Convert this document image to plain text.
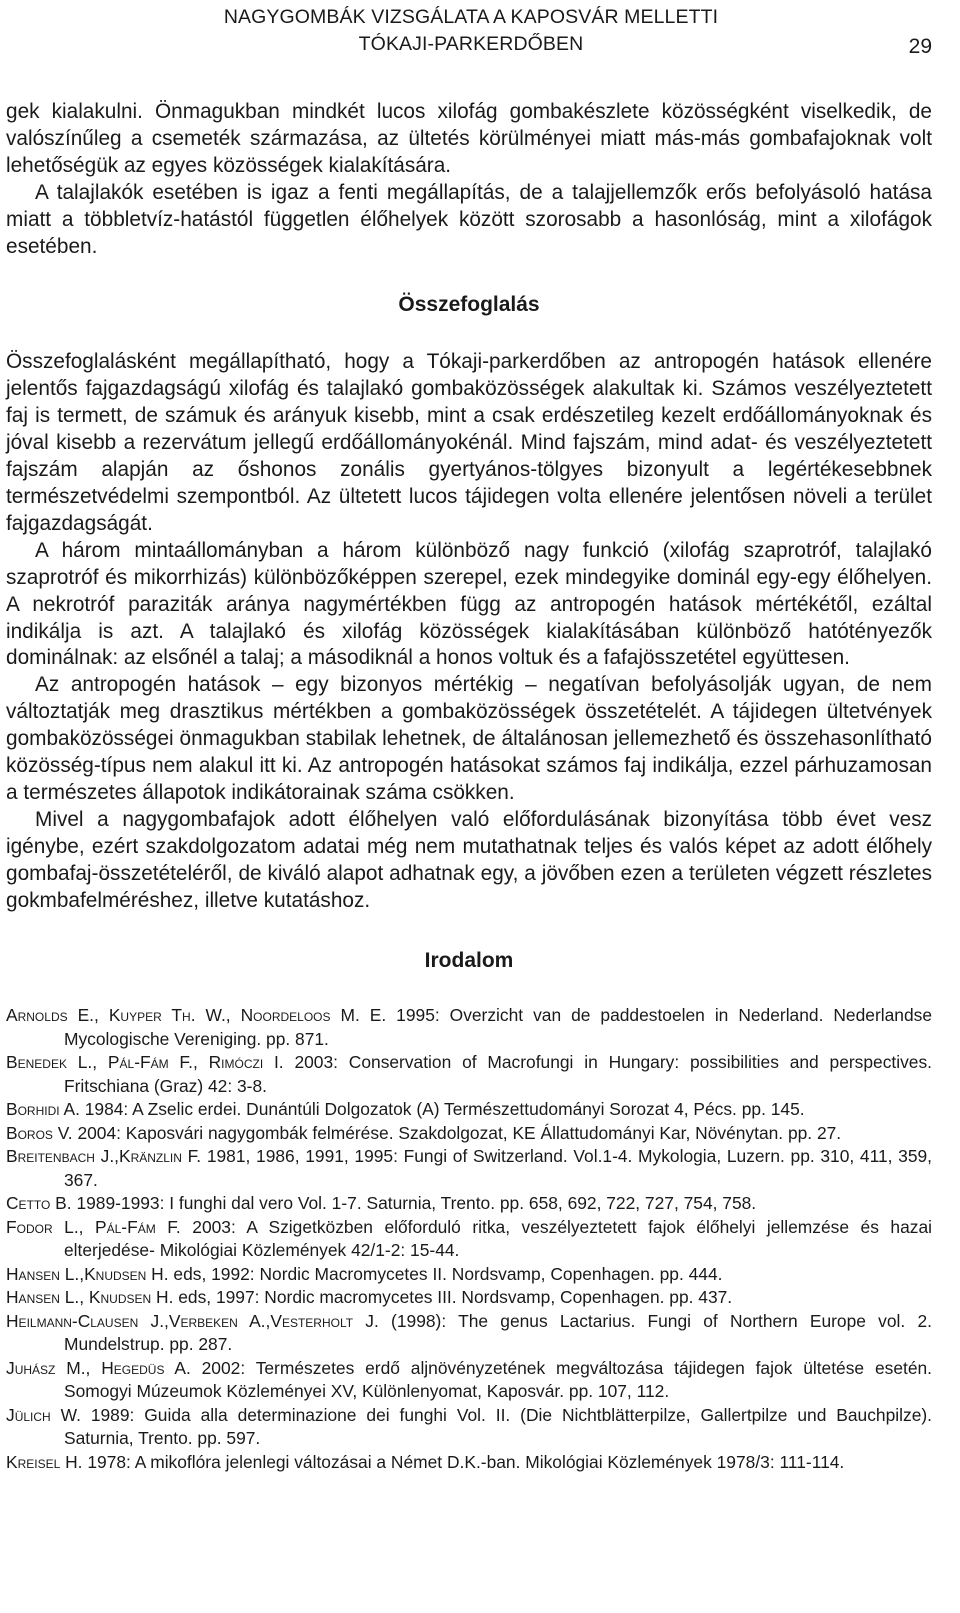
NAGYGOMBÁK VIZSGÁLATA A KAPOSVÁR MELLETTI
TÓKAJI-PARKERDŐBEN	29

gek kialakulni. Önmagukban mindkét lucos xilofág gombakészlete közösségként viselkedik, de valószínűleg a csemeték származása, az ültetés körülményei miatt más-más gombafajoknak volt lehetőségük az egyes közösségek kialakítására.

A talajlakók esetében is igaz a fenti megállapítás, de a talajjellemzők erős befolyásoló hatása miatt a többletvíz-hatástól független élőhelyek között szorosabb a hasonlóság, mint a xilofágok esetében.

Összefoglalás

Összefoglalásként megállapítható, hogy a Tókaji-parkerdőben az antropogén hatások ellenére jelentős fajgazdagságú xilofág és talajlakó gombaközösségek alakultak ki. Számos veszélyeztetett faj is termett, de számuk és arányuk kisebb, mint a csak erdészetileg kezelt erdőállományoknak és jóval kisebb a rezervátum jellegű erdőállományokénál. Mind fajszám, mind adat- és veszélyeztetett fajszám alapján az őshonos zonális gyertyános-tölgyes bizonyult a legértékesebbnek természetvédelmi szempontból. Az ültetett lucos tájidegen volta ellenére jelentősen növeli a terület fajgazdagságát.

A három mintaállományban a három különböző nagy funkció (xilofág szaprotróf, talajlakó szaprotróf és mikorrhizás) különbözőképpen szerepel, ezek mindegyike dominál egy-egy élőhelyen. A nekrotróf paraziták aránya nagymértékben függ az antropogén hatások mértékétől, ezáltal indikálja is azt. A talajlakó és xilofág közösségek kialakításában különböző hatótényezők dominálnak: az elsőnél a talaj; a másodiknál a honos voltuk és a fafajösszetétel együttesen.

Az antropogén hatások – egy bizonyos mértékig – negatívan befolyásolják ugyan, de nem változtatják meg drasztikus mértékben a gombaközösségek összetételét. A tájidegen ültetvények gombaközösségei önmagukban stabilak lehetnek, de általánosan jellemezhető és összehasonlítható közösség-típus nem alakul itt ki. Az antropogén hatásokat számos faj indikálja, ezzel párhuzamosan a természetes állapotok indikátorainak száma csökken.

Mivel a nagygombafajok adott élőhelyen való előfordulásának bizonyítása több évet vesz igénybe, ezért szakdolgozatom adatai még nem mutathatnak teljes és valós képet az adott élőhely gombafaj-összetételéről, de kiváló alapot adhatnak egy, a jövőben ezen a területen végzett részletes gokmbafelméréshez, illetve kutatáshoz.

Irodalom

Arnolds E., Kuyper Th. W., Noordeloos M. E. 1995: Overzicht van de paddestoelen in Nederland. Nederlandse Mycologische Vereniging. pp. 871.

Benedek L., Pál-Fám F., Rimóczi I. 2003: Conservation of Macrofungi in Hungary: possibilities and perspectives. Fritschiana (Graz) 42: 3-8.

Borhidi A. 1984: A Zselic erdei. Dunántúli Dolgozatok (A) Természettudományi Sorozat 4, Pécs. pp. 145.

Boros V. 2004: Kaposvári nagygombák felmérése. Szakdolgozat, KE Állattudományi Kar, Növénytan. pp. 27.

Breitenbach J.,Kränzlin F. 1981, 1986, 1991, 1995: Fungi of Switzerland. Vol.1-4. Mykologia, Luzern. pp. 310, 411, 359, 367.

Cetto B. 1989-1993: I funghi dal vero Vol. 1-7. Saturnia, Trento. pp. 658, 692, 722, 727, 754, 758.

Fodor L., Pál-Fám F. 2003: A Szigetközben előforduló ritka, veszélyeztetett fajok élőhelyi jellemzése és hazai elterjedése- Mikológiai Közlemények 42/1-2: 15-44.

Hansen L.,Knudsen H. eds, 1992: Nordic Macromycetes II. Nordsvamp, Copenhagen. pp. 444.

Hansen L., Knudsen H. eds, 1997: Nordic macromycetes III. Nordsvamp, Copenhagen. pp. 437.

Heilmann-Clausen J.,Verbeken A.,Vesterholt J. (1998): The genus Lactarius. Fungi of Northern Europe vol. 2. Mundelstrup. pp. 287.

Juhász M., Hegedüs A. 2002: Természetes erdő aljnövényzetének megváltozása tájidegen fajok ültetése esetén. Somogyi Múzeumok Közleményei XV, Különlenyomat, Kaposvár. pp. 107, 112.

Jülich W. 1989: Guida alla determinazione dei funghi Vol. II. (Die Nichtblätterpilze, Gallertpilze und Bauchpilze). Saturnia, Trento. pp. 597.

Kreisel H. 1978: A mikoflóra jelenlegi változásai a Német D.K.-ban. Mikológiai Közlemények 1978/3: 111-114.
